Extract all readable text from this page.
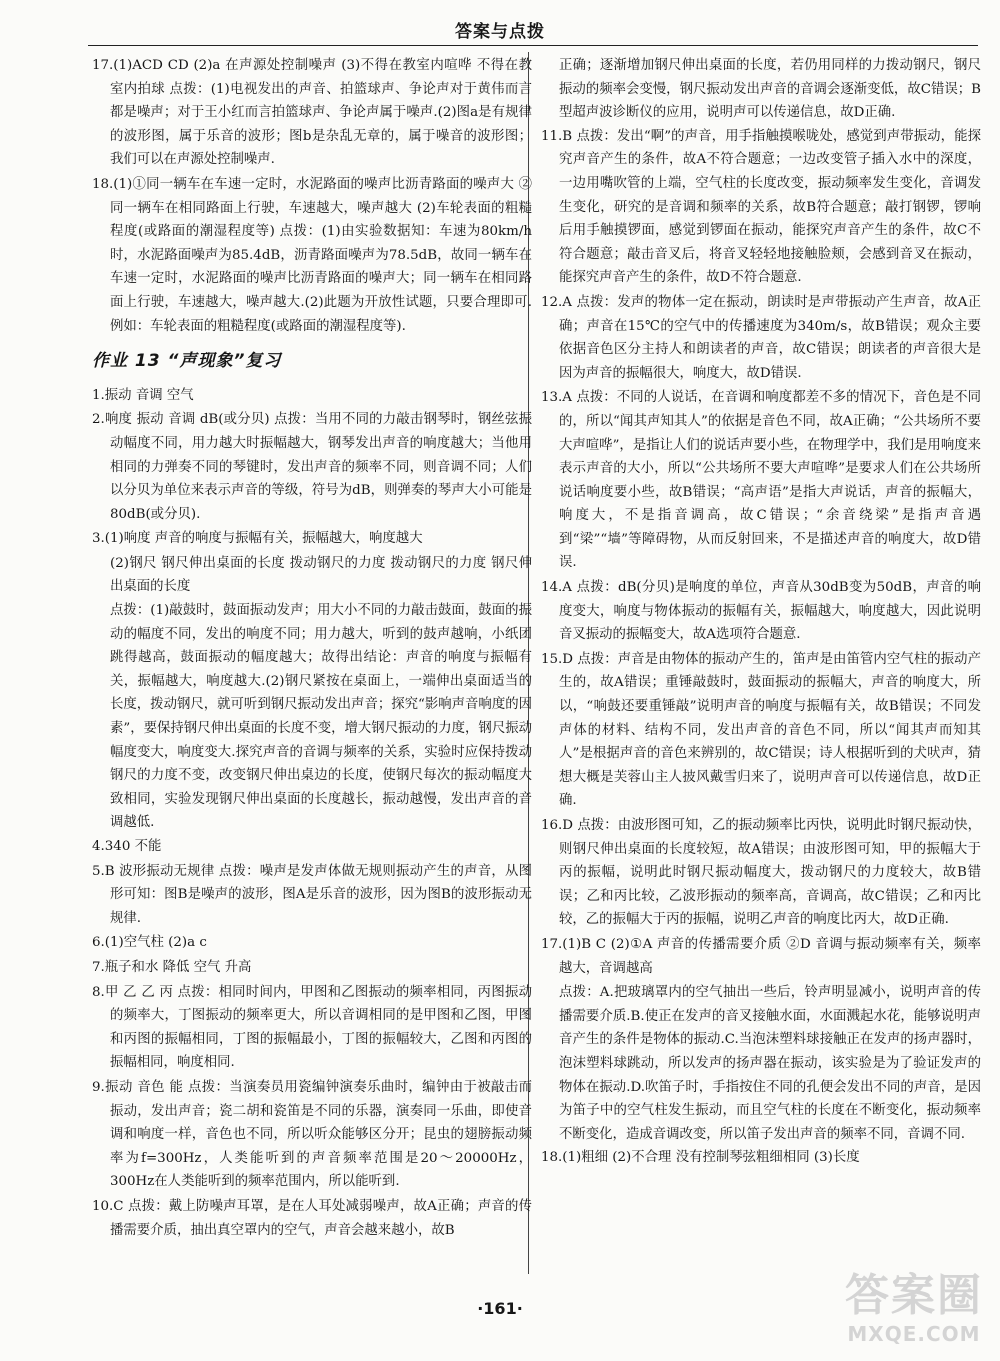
答案与点拨

17.(1)ACD CD (2)a 在声源处控制噪声 (3)不得在教室内喧哗 不得在教室内拍球 点拨：(1)电视发出的声音、拍篮球声、争论声对于黄伟而言都是噪声；对于王小红而言拍篮球声、争论声属于噪声.(2)图a是有规律的波形图，属于乐音的波形；图b是杂乱无章的，属于噪音的波形图；我们可以在声源处控制噪声.

18.(1)①同一辆车在车速一定时，水泥路面的噪声比沥青路面的噪声大 ②同一辆车在相同路面上行驶，车速越大，噪声越大 (2)车轮表面的粗糙程度(或路面的潮湿程度等) 点拨：(1)由实验数据知：车速为80km/h时，水泥路面噪声为85.4dB，沥青路面噪声为78.5dB，故同一辆车在车速一定时，水泥路面的噪声比沥青路面的噪声大；同一辆车在相同路面上行驶，车速越大，噪声越大.(2)此题为开放性试题，只要合理即可.例如：车轮表面的粗糙程度(或路面的潮湿程度等).

作业 13 “声现象”复习

1.振动 音调 空气

2.响度 振动 音调 dB(或分贝) 点拨：当用不同的力敲击钢琴时，钢丝弦振动幅度不同，用力越大时振幅越大，钢琴发出声音的响度越大；当他用相同的力弹奏不同的琴键时，发出声音的频率不同，则音调不同；人们以分贝为单位来表示声音的等级，符号为dB，则弹奏的琴声大小可能是80dB(或分贝).

3.(1)响度 声音的响度与振幅有关，振幅越大，响度越大

(2)钢尺 钢尺伸出桌面的长度 拨动钢尺的力度 拨动钢尺的力度 钢尺伸出桌面的长度

点拨：(1)敲鼓时，鼓面振动发声；用大小不同的力敲击鼓面，鼓面的振动的幅度不同，发出的响度不同；用力越大，听到的鼓声越响，小纸团跳得越高，鼓面振动的幅度越大；故得出结论：声音的响度与振幅有关，振幅越大，响度越大.(2)钢尺紧按在桌面上，一端伸出桌面适当的长度，拨动钢尺，就可听到钢尺振动发出声音；探究“影响声音响度的因素”，要保持钢尺伸出桌面的长度不变，增大钢尺振动的力度，钢尺振动幅度变大，响度变大.探究声音的音调与频率的关系，实验时应保持拨动钢尺的力度不变，改变钢尺伸出桌边的长度，使钢尺每次的振动幅度大致相同，实验发现钢尺伸出桌面的长度越长，振动越慢，发出声音的音调越低.

4.340 不能

5.B 波形振动无规律 点拨：噪声是发声体做无规则振动产生的声音，从图形可知：图B是噪声的波形，图A是乐音的波形，因为图B的波形振动无规律.

6.(1)空气柱 (2)a c

7.瓶子和水 降低 空气 升高

8.甲 乙 乙 丙 点拨：相同时间内，甲图和乙图振动的频率相同，丙图振动的频率大，丁图振动的频率更大，所以音调相同的是甲图和乙图，甲图和丙图的振幅相同，丁图的振幅最小，丁图的振幅较大，乙图和丙图的振幅相同，响度相同.

9.振动 音色 能 点拨：当演奏员用瓷编钟演奏乐曲时，编钟由于被敲击而振动，发出声音；瓷二胡和瓷笛是不同的乐器，演奏同一乐曲，即使音调和响度一样，音色也不同，所以听众能够区分开；昆虫的翅膀振动频率为f=300Hz，人类能听到的声音频率范围是20～20000Hz，300Hz在人类能听到的频率范围内，所以能听到.

10.C 点拨：戴上防噪声耳罩，是在人耳处减弱噪声，故A正确；声音的传播需要介质，抽出真空罩内的空气，声音会越来越小，故B

正确；逐渐增加钢尺伸出桌面的长度，若仍用同样的力拨动钢尺，钢尺振动的频率会变慢，钢尺振动发出声音的音调会逐渐变低，故C错误；B型超声波诊断仪的应用，说明声可以传递信息，故D正确.

11.B 点拨：发出“啊”的声音，用手指触摸喉咙处，感觉到声带振动，能探究声音产生的条件，故A不符合题意；一边改变管子插入水中的深度，一边用嘴吹管的上端，空气柱的长度改变，振动频率发生变化，音调发生变化，研究的是音调和频率的关系，故B符合题意；敲打钢锣，锣响后用手触摸锣面，感觉到锣面在振动，能探究声音产生的条件，故C不符合题意；敲击音叉后，将音叉轻轻地接触脸颊，会感到音叉在振动，能探究声音产生的条件，故D不符合题意.

12.A 点拨：发声的物体一定在振动，朗读时是声带振动产生声音，故A正确；声音在15℃的空气中的传播速度为340m/s，故B错误；观众主要依据音色区分主持人和朗读者的声音，故C错误；朗读者的声音很大是因为声音的振幅很大，响度大，故D错误.

13.A 点拨：不同的人说话，在音调和响度都差不多的情况下，音色是不同的，所以“闻其声知其人”的依据是音色不同，故A正确；“公共场所不要大声喧哗”，是指让人们的说话声要小些，在物理学中，我们是用响度来表示声音的大小，所以“公共场所不要大声喧哗”是要求人们在公共场所说话响度要小些，故B错误；“高声语”是指大声说话，声音的振幅大，响度大，不是指音调高，故C错误；“余音绕梁”是指声音遇到“梁”“墙”等障碍物，从而反射回来，不是描述声音的响度大，故D错误.

14.A 点拨：dB(分贝)是响度的单位，声音从30dB变为50dB，声音的响度变大，响度与物体振动的振幅有关，振幅越大，响度越大，因此说明音叉振动的振幅变大，故A选项符合题意.

15.D 点拨：声音是由物体的振动产生的，笛声是由笛管内空气柱的振动产生的，故A错误；重锤敲鼓时，鼓面振动的振幅大，声音的响度大，所以，“响鼓还要重锤敲”说明声音的响度与振幅有关，故B错误；不同发声体的材料、结构不同，发出声音的音色不同，所以“闻其声而知其人”是根据声音的音色来辨别的，故C错误；诗人根据听到的犬吠声，猜想大概是芙蓉山主人披风戴雪归来了，说明声音可以传递信息，故D正确.

16.D 点拨：由波形图可知，乙的振动频率比丙快，说明此时钢尺振动快，则钢尺伸出桌面的长度较短，故A错误；由波形图可知，甲的振幅大于丙的振幅，说明此时钢尺振动幅度大，拨动钢尺的力度较大，故B错误；乙和丙比较，乙波形振动的频率高，音调高，故C错误；乙和丙比较，乙的振幅大于丙的振幅，说明乙声音的响度比丙大，故D正确.

17.(1)B C (2)①A 声音的传播需要介质 ②D 音调与振动频率有关，频率越大，音调越高

点拨：A.把玻璃罩内的空气抽出一些后，铃声明显减小，说明声音的传播需要介质.B.使正在发声的音叉接触水面，水面溅起水花，能够说明声音产生的条件是物体的振动.C.当泡沫塑料球接触正在发声的扬声器时，泡沫塑料球跳动，所以发声的扬声器在振动，该实验是为了验证发声的物体在振动.D.吹笛子时，手指按住不同的孔便会发出不同的声音，是因为笛子中的空气柱发生振动，而且空气柱的长度在不断变化，振动频率不断变化，造成音调改变，所以笛子发出声音的频率不同，音调不同.

18.(1)粗细 (2)不合理 没有控制琴弦粗细相同 (3)长度

·161·	答案圈
MXQE.COM
